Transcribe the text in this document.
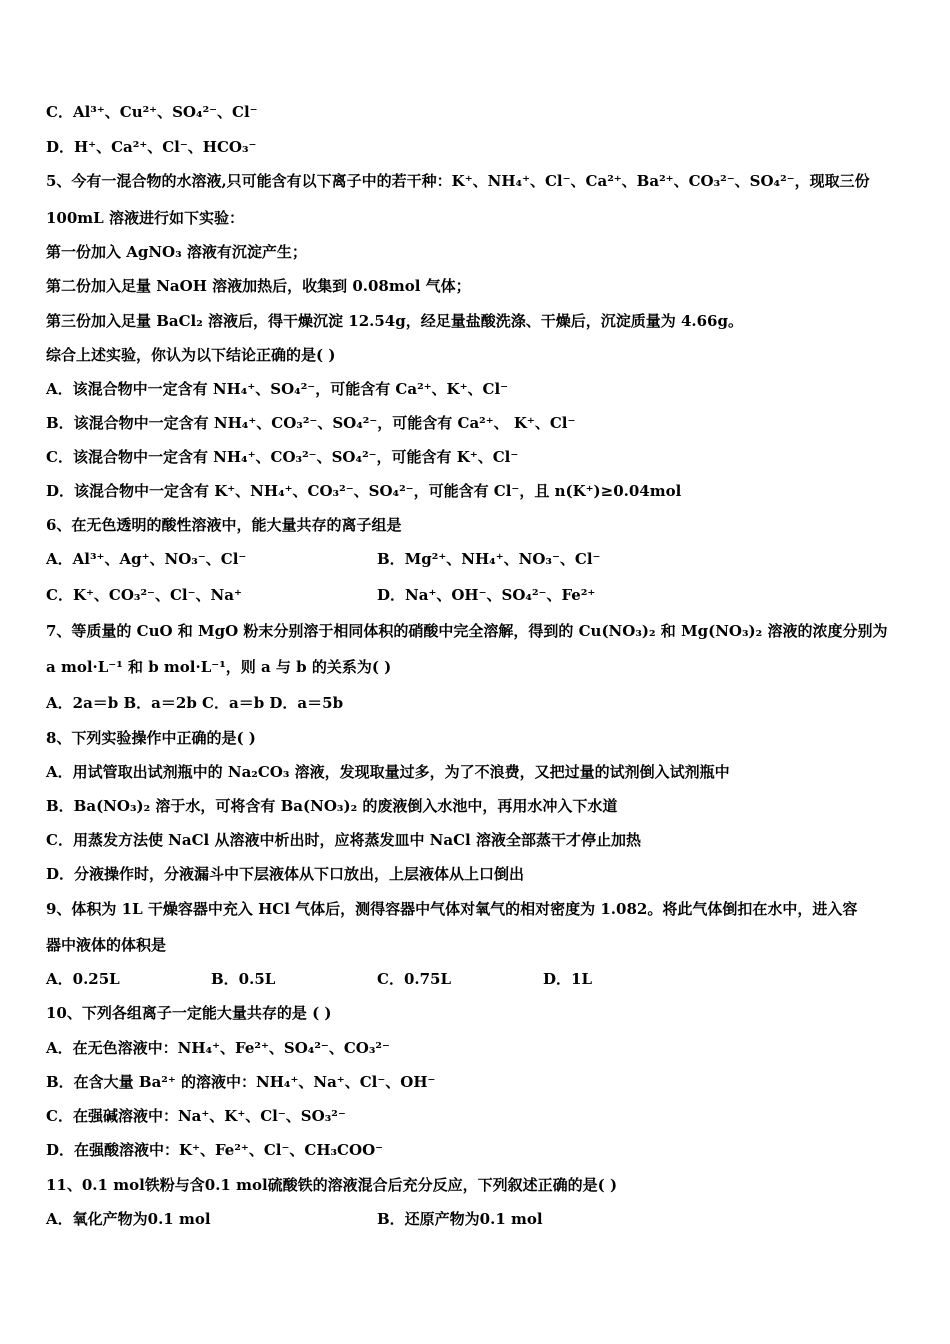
C．Al³⁺、Cu²⁺、SO₄²⁻、Cl⁻
D．H⁺、Ca²⁺、Cl⁻、HCO₃⁻
5、今有一混合物的水溶液,只可能含有以下离子中的若干种：K⁺、NH₄⁺、Cl⁻、Ca²⁺、Ba²⁺、CO₃²⁻、SO₄²⁻，现取三份
100mL 溶液进行如下实验：
第一份加入 AgNO₃ 溶液有沉淀产生；
第二份加入足量 NaOH 溶液加热后，收集到 0.08mol 气体；
第三份加入足量 BaCl₂ 溶液后，得干燥沉淀 12.54g，经足量盐酸洗涤、干燥后，沉淀质量为 4.66g。
综合上述实验，你认为以下结论正确的是( )
A．该混合物中一定含有 NH₄⁺、SO₄²⁻，可能含有 Ca²⁺、K⁺、Cl⁻
B．该混合物中一定含有 NH₄⁺、CO₃²⁻、SO₄²⁻，可能含有 Ca²⁺、 K⁺、Cl⁻
C．该混合物中一定含有 NH₄⁺、CO₃²⁻、SO₄²⁻，可能含有 K⁺、Cl⁻
D．该混合物中一定含有 K⁺、NH₄⁺、CO₃²⁻、SO₄²⁻，可能含有 Cl⁻，且 n(K⁺)≥0.04mol
6、在无色透明的酸性溶液中，能大量共存的离子组是
A．Al³⁺、Ag⁺、NO₃⁻、Cl⁻
C．K⁺、CO₃²⁻、Cl⁻、Na⁺
7、等质量的 CuO 和 MgO 粉末分别溶于相同体积的硝酸中完全溶解，得到的 Cu(NO₃)₂ 和 Mg(NO₃)₂ 溶液的浓度分别为
a mol·L⁻¹ 和 b mol·L⁻¹，则 a 与 b 的关系为( )
A．2a＝b B．a＝2b C．a＝b D．a＝5b
8、下列实验操作中正确的是( )
A．用试管取出试剂瓶中的 Na₂CO₃ 溶液，发现取量过多，为了不浪费，又把过量的试剂倒入试剂瓶中
B．Ba(NO₃)₂ 溶于水，可将含有 Ba(NO₃)₂ 的废液倒入水池中，再用水冲入下水道
C．用蒸发方法使 NaCl 从溶液中析出时，应将蒸发皿中 NaCl 溶液全部蒸干才停止加热
D．分液操作时，分液漏斗中下层液体从下口放出，上层液体从上口倒出
9、体积为 1L 干燥容器中充入 HCl 气体后，测得容器中气体对氧气的相对密度为 1.082。将此气体倒扣在水中，进入容
器中液体的体积是
A．0.25L
10、下列各组离子一定能大量共存的是 ( )
A．在无色溶液中：NH₄⁺、Fe²⁺、SO₄²⁻、CO₃²⁻
B．在含大量 Ba²⁺ 的溶液中：NH₄⁺、Na⁺、Cl⁻、OH⁻
C．在强碱溶液中：Na⁺、K⁺、Cl⁻、SO₃²⁻
D．在强酸溶液中：K⁺、Fe²⁺、Cl⁻、CH₃COO⁻
11、0.1 mol铁粉与含0.1 mol硫酸铁的溶液混合后充分反应，下列叙述正确的是( )
A．氧化产物为0.1 mol
B．Mg²⁺、NH₄⁺、NO₃⁻、Cl⁻
D．Na⁺、OH⁻、SO₄²⁻、Fe²⁺
B．0.5L	C．0.75L	D．1L
B．还原产物为0.1 mol
